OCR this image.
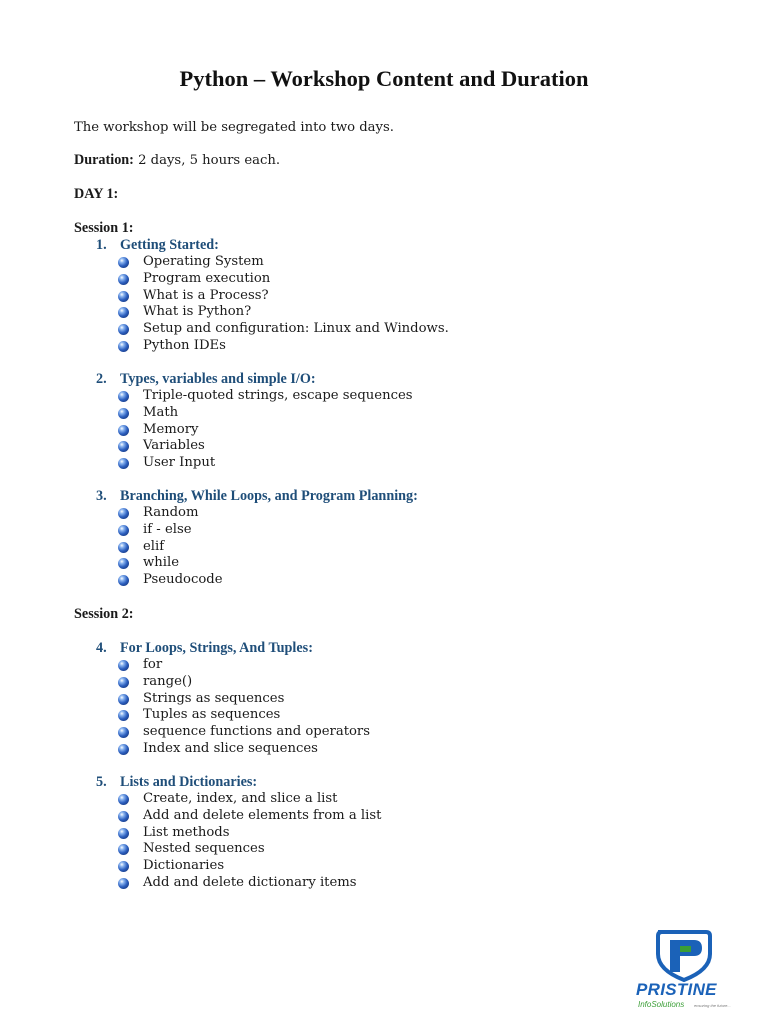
Python – Workshop Content and Duration
The workshop will be segregated into two days.
Duration: 2 days, 5 hours each.
DAY 1:
Session 1:
1. Getting Started:
Operating System
Program execution
What is a Process?
What is Python?
Setup and configuration: Linux and Windows.
Python IDEs
2. Types, variables and simple I/O:
Triple-quoted strings, escape sequences
Math
Memory
Variables
User Input
3. Branching, While Loops, and Program Planning:
Random
if - else
elif
while
Pseudocode
Session 2:
4. For Loops, Strings, And Tuples:
for
range()
Strings as sequences
Tuples as sequences
sequence functions and operators
Index and slice sequences
5. Lists and Dictionaries:
Create, index, and slice a list
Add and delete elements from a list
List methods
Nested sequences
Dictionaries
Add and delete dictionary items
PRISTINE
InfoSolutions ensuring the future...
